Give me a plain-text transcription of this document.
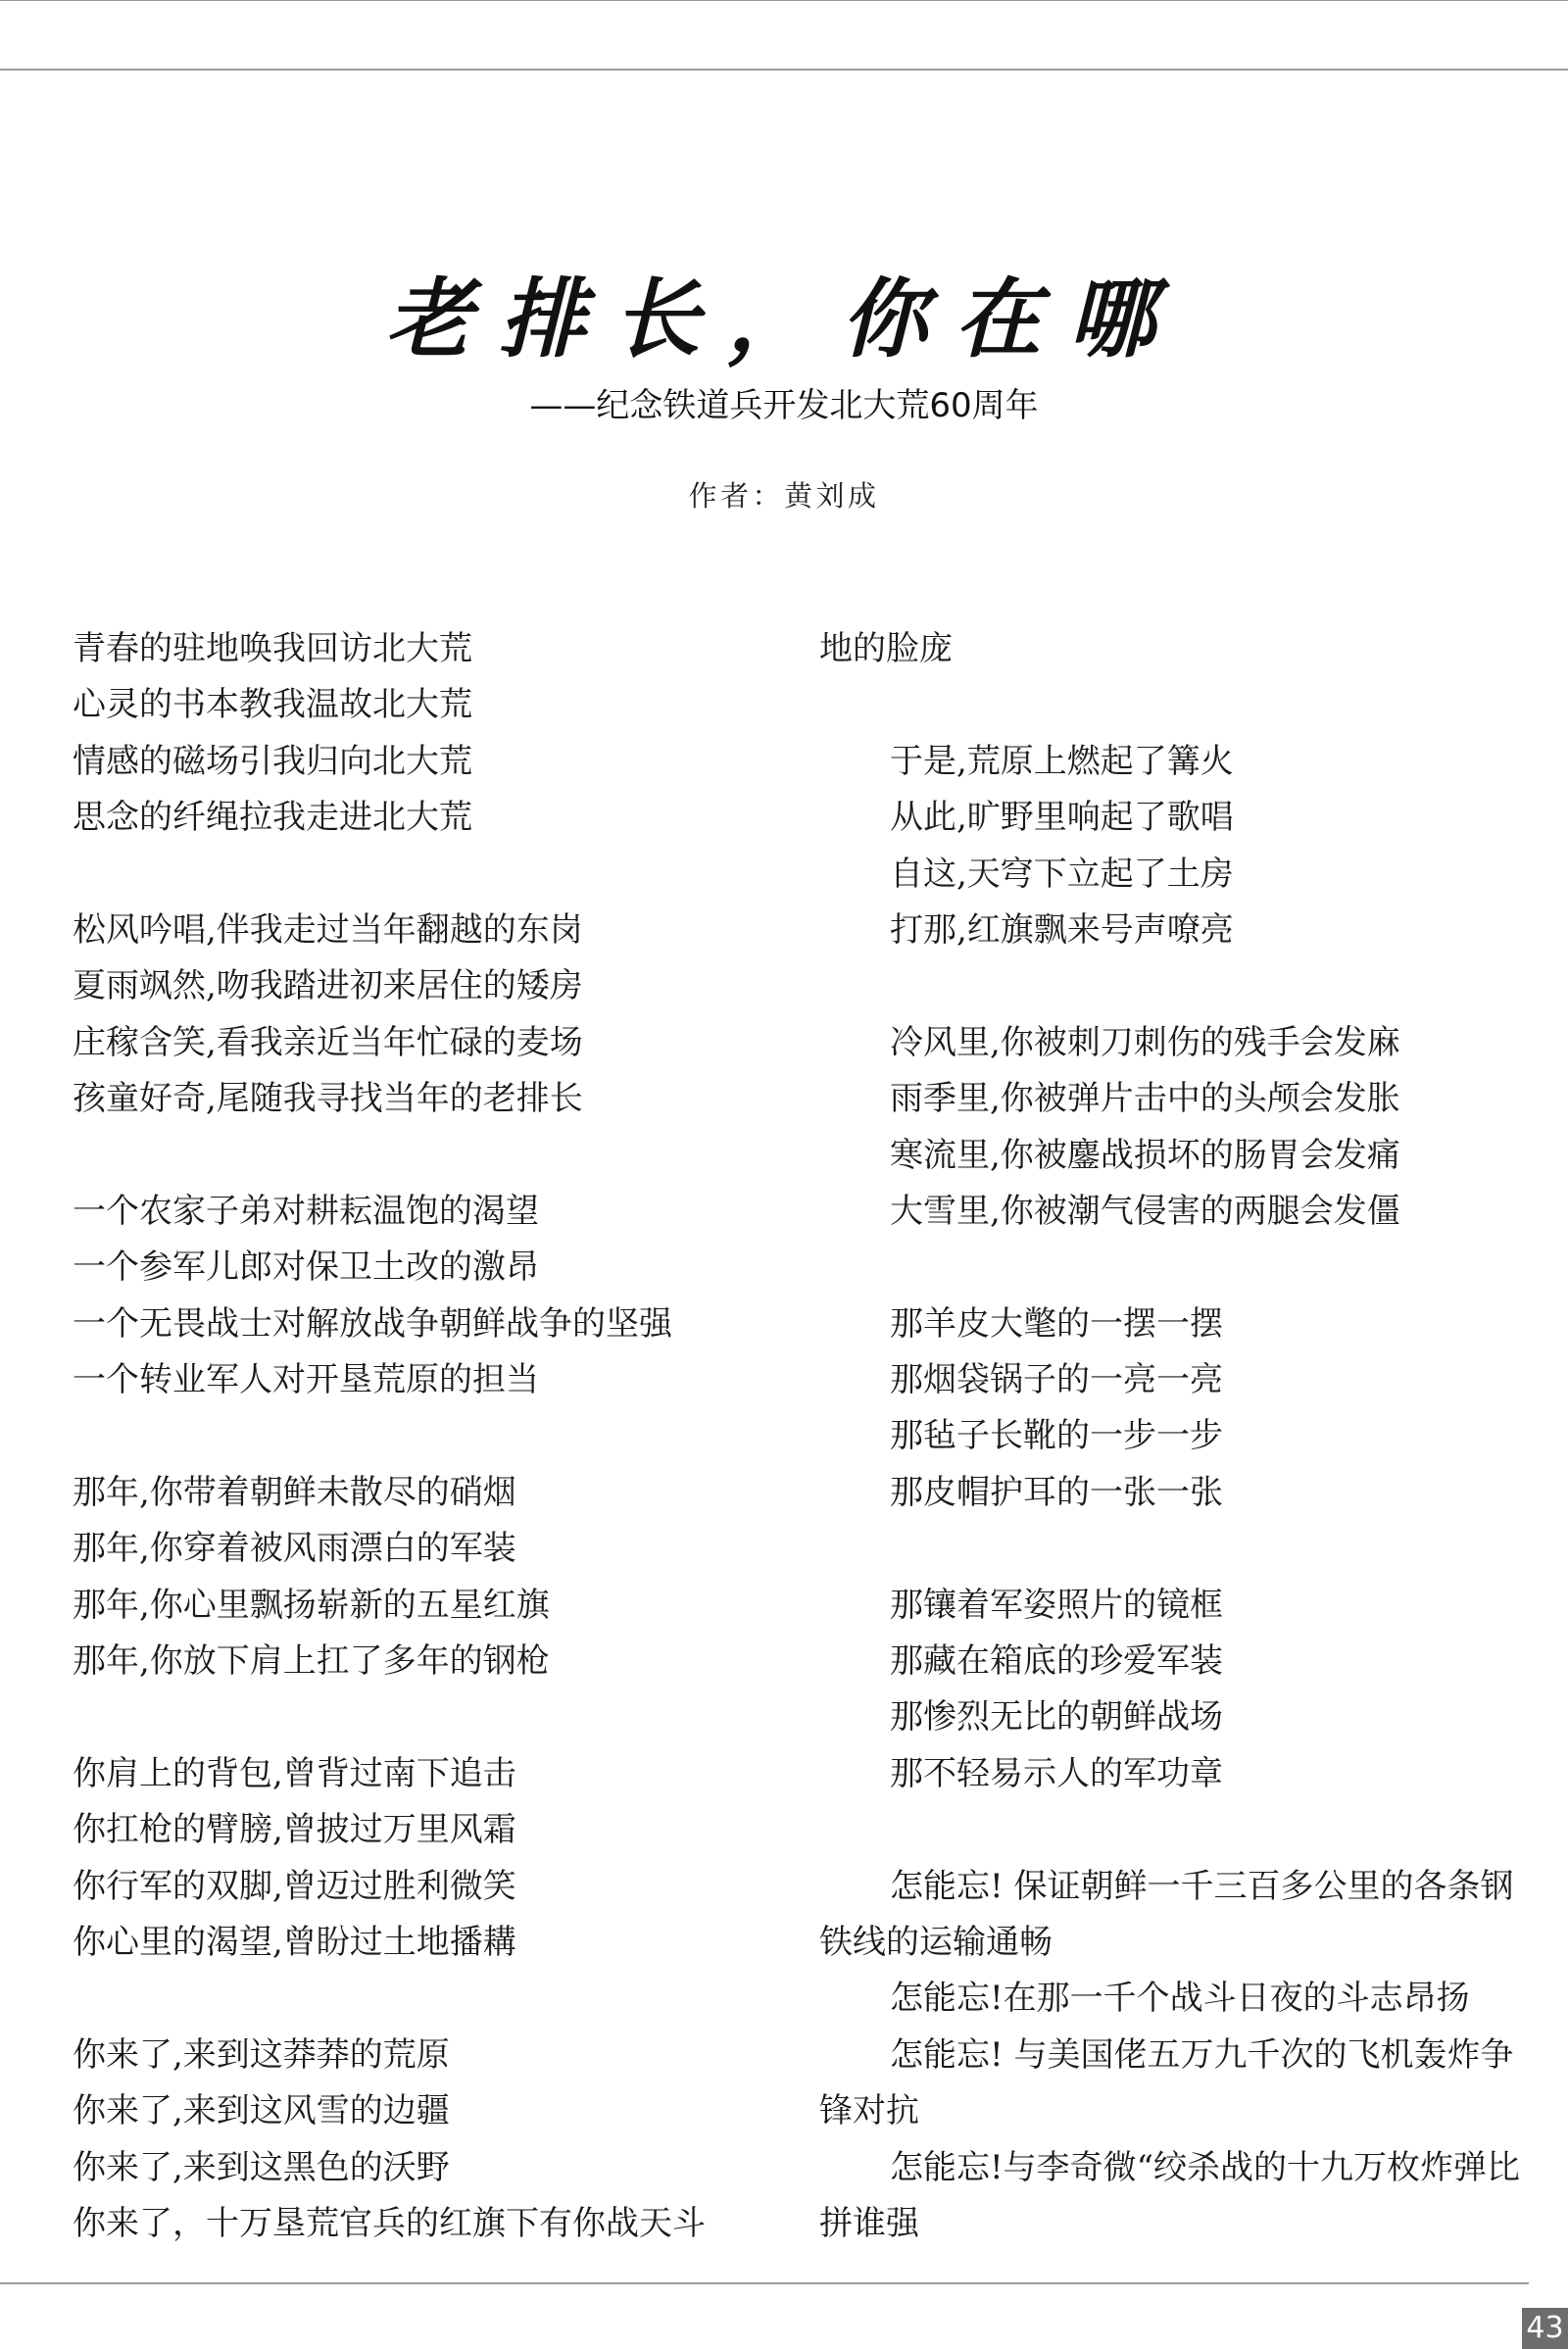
老排长，你在哪
——纪念铁道兵开发北大荒60周年
作者：黄刘成
青春的驻地唤我回访北大荒
心灵的书本教我温故北大荒
情感的磁场引我归向北大荒
思念的纤绳拉我走进北大荒
松风吟唱,伴我走过当年翻越的东岗
夏雨飒然,吻我踏进初来居住的矮房
庄稼含笑,看我亲近当年忙碌的麦场
孩童好奇,尾随我寻找当年的老排长
一个农家子弟对耕耘温饱的渴望
一个参军儿郎对保卫土改的激昂
一个无畏战士对解放战争朝鲜战争的坚强
一个转业军人对开垦荒原的担当
那年,你带着朝鲜未散尽的硝烟
那年,你穿着被风雨漂白的军装
那年,你心里飘扬崭新的五星红旗
那年,你放下肩上扛了多年的钢枪
你肩上的背包,曾背过南下追击
你扛枪的臂膀,曾披过万里风霜
你行军的双脚,曾迈过胜利微笑
你心里的渴望,曾盼过土地播耩
你来了,来到这莽莽的荒原
你来了,来到这风雪的边疆
你来了,来到这黑色的沃野
你来了，十万垦荒官兵的红旗下有你战天斗
地的脸庞
于是,荒原上燃起了篝火
从此,旷野里响起了歌唱
自这,天穹下立起了土房
打那,红旗飘来号声嘹亮
冷风里,你被刺刀刺伤的残手会发麻
雨季里,你被弹片击中的头颅会发胀
寒流里,你被鏖战损坏的肠胃会发痛
大雪里,你被潮气侵害的两腿会发僵
那羊皮大氅的一摆一摆
那烟袋锅子的一亮一亮
那毡子长靴的一步一步
那皮帽护耳的一张一张
那镶着军姿照片的镜框
那藏在箱底的珍爱军装
那惨烈无比的朝鲜战场
那不轻易示人的军功章
怎能忘! 保证朝鲜一千三百多公里的各条钢
铁线的运输通畅
怎能忘!在那一千个战斗日夜的斗志昂扬
怎能忘! 与美国佬五万九千次的飞机轰炸争
锋对抗
怎能忘!与李奇微“绞杀战的十九万枚炸弹比
拼谁强
43
